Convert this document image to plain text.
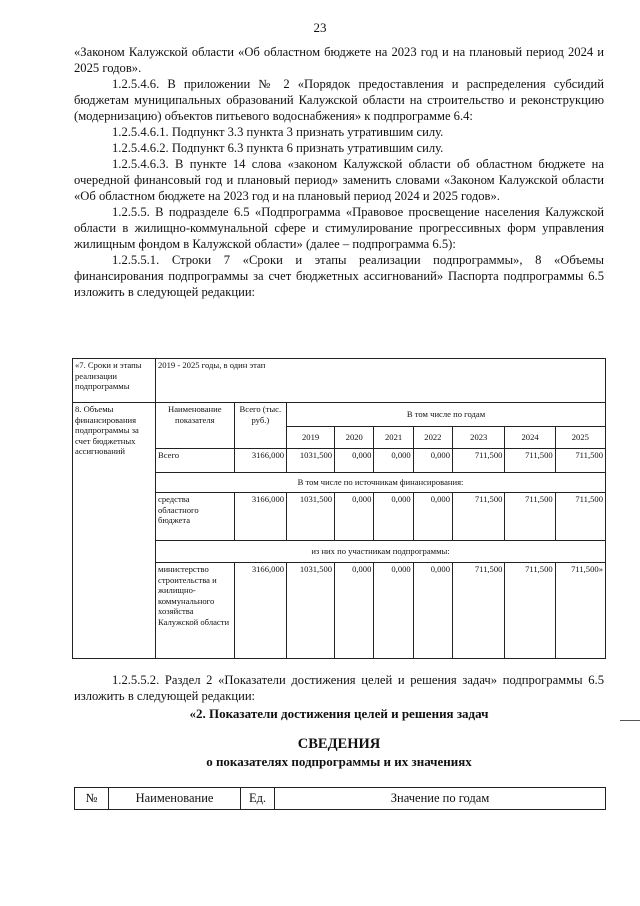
23

«Законом Калужской области «Об областном бюджете на 2023 год и на плановый период 2024 и 2025 годов».

1.2.5.4.6. В приложении № 2 «Порядок предоставления и распределения субсидий бюджетам муниципальных образований Калужской области на строительство и реконструкцию (модернизацию) объектов питьевого водоснабжения» к подпрограмме 6.4:

1.2.5.4.6.1. Подпункт 3.3 пункта 3 признать утратившим силу.

1.2.5.4.6.2. Подпункт 6.3 пункта 6 признать утратившим силу.

1.2.5.4.6.3. В пункте 14 слова «законом Калужской области об областном бюджете на очередной финансовый год и плановый период» заменить словами «Законом Калужской области «Об областном бюджете на 2023 год и на плановый период 2024 и 2025 годов».

1.2.5.5. В подразделе 6.5 «Подпрограмма «Правовое просвещение населения Калужской области в жилищно-коммунальной сфере и стимулирование прогрессивных форм управления жилищным фондом в Калужской области» (далее – подпрограмма 6.5):

1.2.5.5.1. Строки 7 «Сроки и этапы реализации подпрограммы», 8 «Объемы финансирования подпрограммы за счет бюджетных ассигнований» Паспорта подпрограммы 6.5 изложить в следующей редакции:

«7. Сроки и этапы реализации подпрограммы	2019 - 2025 годы, в один этап								
8. Объемы финансирования подпрограммы за счет бюджетных ассигнований	Наименование показателя	Всего (тыс. руб.)	В том числе по годам						
			2019	2020	2021	2022	2023	2024	2025
	Всего	3166,000	1031,500	0,000	0,000	0,000	711,500	711,500	711,500
	В том числе по источникам финансирования:								
	средства областного бюджета	3166,000	1031,500	0,000	0,000	0,000	711,500	711,500	711,500
	из них по участникам подпрограммы:								
	министерство строительства и жилищно-коммунального хозяйства Калужской области	3166,000	1031,500	0,000	0,000	0,000	711,500	711,500	711,500»

1.2.5.5.2. Раздел 2 «Показатели достижения целей и решения задач» подпрограммы 6.5 изложить в следующей редакции:

«2. Показатели достижения целей и решения задач
СВЕДЕНИЯ
о показателях подпрограммы и их значениях
№	Наименование	Ед.	Значение по годам
